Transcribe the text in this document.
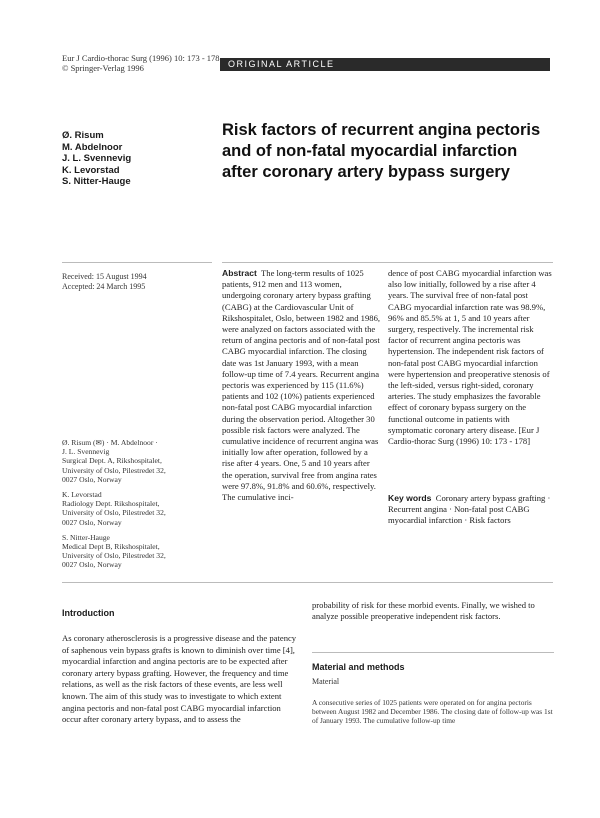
Eur J Cardio-thorac Surg (1996) 10: 173 - 178
© Springer-Verlag 1996	ORIGINAL ARTICLE
Ø. Risum
M. Abdelnoor
J. L. Svennevig
K. Levorstad
S. Nitter-Hauge
Risk factors of recurrent angina pectoris and of non-fatal myocardial infarction after coronary artery bypass surgery
Received: 15 August 1994
Accepted: 24 March 1995
Ø. Risum (✉) · M. Abdelnoor ·
J. L. Svennevig
Surgical Dept. A, Rikshospitalet,
University of Oslo, Pilestredet 32,
0027 Oslo, Norway
K. Levorstad
Radiology Dept. Rikshospitalet,
University of Oslo, Pilestredet 32,
0027 Oslo, Norway
S. Nitter-Hauge
Medical Dept B, Rikshospitalet,
University of Oslo, Pilestredet 32,
0027 Oslo, Norway
Abstract The long-term results of 1025 patients, 912 men and 113 women, undergoing coronary artery bypass grafting (CABG) at the Cardiovascular Unit of Rikshospitalet, Oslo, between 1982 and 1986, were analyzed on factors associated with the return of angina pectoris and of non-fatal post CABG myocardial infarction. The closing date was 1st January 1993, with a mean follow-up time of 7.4 years. Recurrent angina pectoris was experienced by 115 (11.6%) patients and 102 (10%) patients experienced non-fatal post CABG myocardial infarction during the observation period. Altogether 30 possible risk factors were analyzed. The cumulative incidence of recurrent angina was initially low after operation, followed by a rise after 4 years. One, 5 and 10 years after the operation, survival free from angina rates were 97.8%, 91.8% and 60.6%, respectively. The cumulative inci-
dence of post CABG myocardial infarction was also low initially, followed by a rise after 4 years. The survival free of non-fatal post CABG myocardial infarction rate was 98.9%, 96% and 85.5% at 1, 5 and 10 years after surgery, respectively. The incremental risk factor of recurrent angina pectoris was hypertension. The independent risk factors of non-fatal post CABG myocardial infarction were hypertension and preoperative stenosis of the left-sided, versus right-sided, coronary arteries. The study emphasizes the favorable effect of coronary bypass surgery on the functional outcome in patients with symptomatic coronary artery disease. [Eur J Cardio-thorac Surg (1996) 10: 173 - 178]
Key words Coronary artery bypass grafting · Recurrent angina · Non-fatal post CABG myocardial infarction · Risk factors
Introduction
As coronary atherosclerosis is a progressive disease and the patency of saphenous vein bypass grafts is known to diminish over time [4], myocardial infarction and angina pectoris are to be expected after coronary artery bypass grafting. However, the frequency and time relations, as well as the risk factors of these events, are less well known. The aim of this study was to investigate to which extent angina pectoris and non-fatal post CABG myocardial infarction occur after coronary artery bypass, and to assess the
probability of risk for these morbid events. Finally, we wished to analyze possible preoperative independent risk factors.
Material and methods
Material
A consecutive series of 1025 patients were operated on for angina pectoris between August 1982 and December 1986. The closing date of follow-up was 1st of January 1993. The cumulative follow-up time
